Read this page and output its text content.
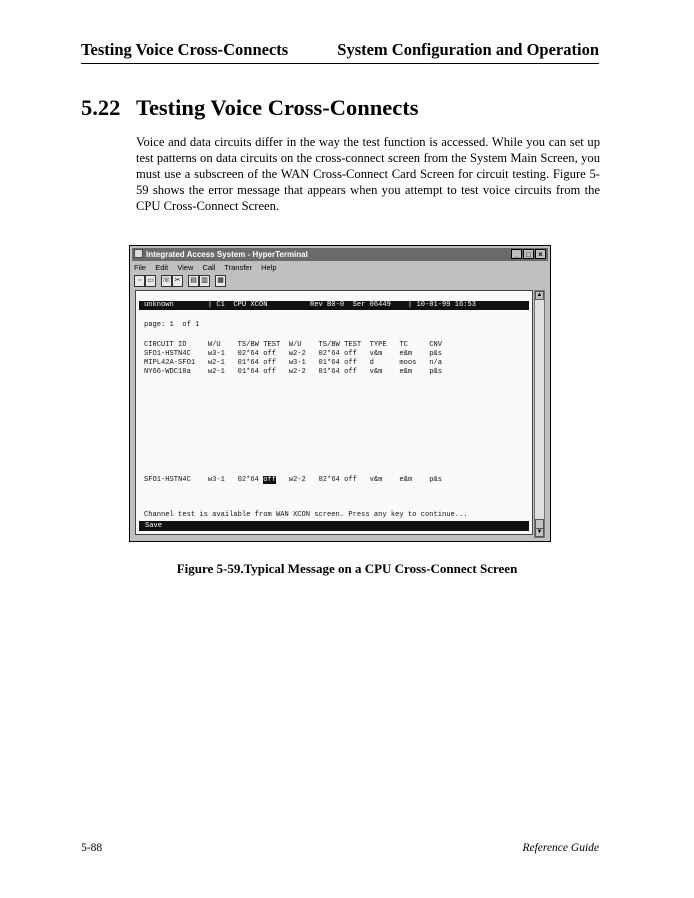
Testing Voice Cross-Connects	System Configuration and Operation
5.22 Testing Voice Cross-Connects
Voice and data circuits differ in the way the test function is accessed. While you can set up test patterns on data circuits on the cross-connect screen from the System Main Screen, you must use a subscreen of the WAN Cross-Connect Card Screen for circuit testing. Figure 5-59 shows the error message that appears when you attempt to test voice circuits from the CPU Cross-Connect Screen.
Integrated Access System - HyperTerminal	_ □ ×
File Edit View Call Transfer Help
▫ ▭ ☏ ✂ ▤ ▥ ▦
unknown        | C1  CPU XCON          Rev B0-0  Ser 06449    | 10-01-99 16:53
page: 1  of 1
CIRCUIT ID     W/U    TS/BW TEST  W/U    TS/BW TEST  TYPE   TC     CNV
SFO1-HSTN4C    w3-1   02*64 off   w2-2   02*64 off   v&m    e&m    p&s
MIPL42A-SFO1   w2-1   01*64 off   w3-1   01*64 off   d      moos   n/a
NY66-WDC18a    w2-1   01*64 off   w2-2   01*64 off   v&m    e&m    p&s
SFO1-HSTN4C    w3-1   02*64 off   w2-2   02*64 off   v&m    e&m    p&s
Channel test is available from WAN XCON screen. Press any key to continue...
Save
▲
▼
Figure 5-59.Typical Message on a CPU Cross-Connect Screen
5-88	Reference Guide
